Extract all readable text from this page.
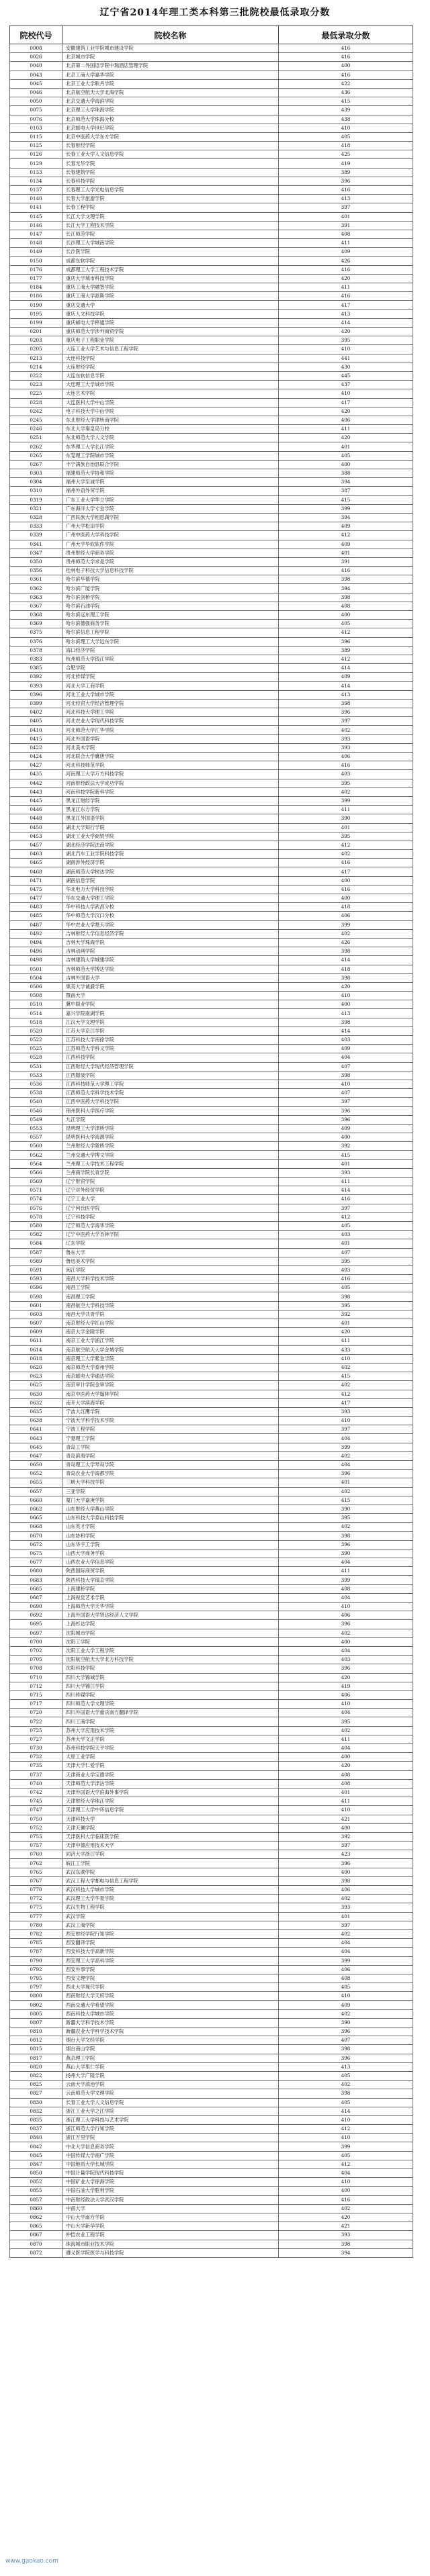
辽宁省2014年理工类本科第三批院校最低录取分数
院校代号	院校名称	最低录取分数
0008	安徽建筑工业学院城市建设学院	416
0026	北京城市学院	416
0040	北京第二外国语学院中瑞酒店管理学院	400
0043	北京工商大学嘉华学院	416
0045	北京工业大学耿丹学院	422
0046	北京航空航天大学北海学院	436
0050	北京交通大学海滨学院	415
0075	北京理工大学珠海学院	439
0076	北京师范大学珠海分校	438
0103	北京邮电大学世纪学院	410
0115	北京中医药大学东方学院	405
0125	长春财经学院	418
0126	长春工业大学人文信息学院	425
0129	长春光华学院	419
0133	长春建筑学院	389
0134	长春科技学院	396
0137	长春理工大学光电信息学院	416
0140	长春大学旅游学院	413
0141	长春工程学院	397
0145	长江大学文理学院	401
0146	长江大学工程技术学院	391
0147	长江师范学院	408
0148	长沙理工大学城南学院	411
0149	长沙医学院	409
0150	成都东软学院	426
0176	成都理工大学工程技术学院	416
0177	重庆大学城市科技学院	420
0184	重庆工商大学融智学院	411
0186	重庆工商大学派斯学院	416
0190	重庆交通大学	417
0195	重庆人文科技学院	413
0199	重庆邮电大学移通学院	414
0201	重庆师范大学涉外商贸学院	420
0203	重庆电子工程职业学院	395
0205	大连工业大学艺术与信息工程学院	410
0213	大连科技学院	441
0214	大连财经学院	430
0222	大连东软信息学院	445
0223	大连理工大学城市学院	437
0225	大连艺术学院	410
0228	大连医科大学中山学院	417
0242	电子科技大学中山学院	420
0245	东北财经大学津桥商学院	406
0246	东北大学秦皇岛分校	411
0251	东北师范大学人文学院	420
0262	东华理工大学长江学院	401
0265	东莞理工学院城市学院	405
0267	丰宁满族自治县联合学院	400
0303	福建师范大学协和学院	388
0304	福州大学至诚学院	394
0310	福州外语外贸学院	387
0319	广东工业大学华立学院	415
0321	广东海洋大学寸金学院	399
0328	广西民族大学相思湖学院	394
0333	广州大学松田学院	409
0339	广州中医药大学科技学院	412
0341	广州大学华软软件学院	409
0347	贵州财经大学商务学院	401
0350	贵州师范大学求是学院	391
0356	桂林电子科技大学信息科技学院	416
0361	哈尔滨华德学院	398
0362	哈尔滨广厦学院	394
0363	哈尔滨剑桥学院	398
0367	哈尔滨石油学院	408
0368	哈尔滨远东理工学院	400
0369	哈尔滨德强商务学院	405
0375	哈尔滨信息工程学院	412
0376	哈尔滨理工大学远东学院	396
0378	海口经济学院	389
0383	杭州师范大学钱江学院	412
0385	合肥学院	414
0392	河北传媒学院	409
0393	河北大学工商学院	414
0396	河北工业大学城市学院	413
0399	河北经贸大学经济管理学院	398
0402	河北科技大学理工学院	396
0405	河北农业大学现代科技学院	397
0410	河北师范大学汇华学院	402
0415	河北外国语学院	393
0422	河北美术学院	393
0424	河北联合大学冀唐学院	406
0427	河北科技师范学院	416
0435	河南理工大学万方科技学院	403
0442	河南财经政法大学成功学院	395
0443	河南科技学院新科学院	402
0445	黑龙江财经学院	399
0446	黑龙江东方学院	411
0448	黑龙江外国语学院	390
0450	湖北大学知行学院	401
0453	湖北工业大学商贸学院	395
0457	湖北经济学院法商学院	412
0463	湖北汽车工业学院科技学院	402
0465	湖南涉外经济学院	416
0468	湖南师范大学树达学院	417
0471	湖南信息学院	400
0475	华北电力大学科技学院	416
0477	华东交通大学理工学院	400
0483	华中科技大学武昌分校	418
0485	华中师范大学汉口分校	406
0487	华中农业大学楚天学院	399
0492	吉林财经大学信息经济学院	402
0494	吉林大学珠海学院	426
0496	吉林动画学院	398
0498	吉林建筑大学城建学院	414
0501	吉林师范大学博达学院	418
0504	吉林外国语大学	398
0506	集美大学诚毅学院	420
0508	暨南大学	410
0510	冀中职业学院	400
0514	嘉兴学院南湖学院	413
0518	江汉大学文理学院	398
0520	江苏大学京江学院	414
0522	江苏科技大学南徐学院	403
0525	江苏师范大学科文学院	409
0528	江西科技学院	404
0531	江西财经大学现代经济管理学院	407
0533	江西服装学院	398
0536	江西科技师范大学理工学院	410
0538	江西师范大学科学技术学院	407
0540	江西中医药大学科技学院	397
0546	锦州医科大学医疗学院	396
0549	九江学院	396
0553	昆明理工大学津桥学院	409
0557	昆明医科大学海源学院	400
0560	兰州财经大学陇桥学院	392
0562	兰州交通大学博文学院	415
0564	兰州理工大学技术工程学院	401
0566	兰州商学院长青学院	393
0569	辽宁财贸学院	411
0571	辽宁对外经贸学院	414
0574	辽宁工业大学	416
0576	辽宁何氏医学院	397
0578	辽宁科技学院	412
0580	辽宁师范大学海华学院	405
0582	辽宁中医药大学杏林学院	403
0584	辽东学院	401
0587	鲁东大学	407
0589	鲁迅美术学院	395
0591	闽江学院	403
0593	南昌大学科学技术学院	416
0596	南昌工学院	405
0598	南昌理工学院	398
0601	南昌航空大学科技学院	395
0603	南昌大学共青学院	392
0607	南京财经大学红山学院	401
0609	南京大学金陵学院	420
0611	南京工业大学浦江学院	411
0614	南京航空航天大学金城学院	433
0618	南京理工大学紫金学院	410
0620	南京师范大学泰州学院	402
0623	南京邮电大学通达学院	415
0625	南京审计学院金审学院	402
0630	南京中医药大学翰林学院	412
0632	南开大学滨海学院	417
0635	宁波大红鹰学院	393
0638	宁波大学科学技术学院	410
0641	宁波工程学院	397
0643	宁夏理工学院	404
0645	青岛工学院	399
0647	青岛滨海学院	402
0650	青岛理工大学琴岛学院	404
0652	青岛农业大学海都学院	396
0655	三峡大学科技学院	401
0657	三亚学院	402
0660	厦门大学嘉庚学院	415
0662	山东财经大学燕山学院	390
0665	山东科技大学泰山科技学院	395
0668	山东英才学院	402
0670	山东协和学院	398
0672	山东华宇工学院	396
0675	山西大学商务学院	390
0677	山西农业大学信息学院	404
0680	陕西国际商贸学院	411
0683	陕西科技大学镐京学院	399
0685	上海建桥学院	408
0687	上海视觉艺术学院	404
0690	上海师范大学天华学院	410
0692	上海外国语大学贤达经济人文学院	406
0695	上海杉达学院	396
0697	沈阳城市学院	402
0700	沈阳工学院	400
0702	沈阳工业大学工程学院	404
0705	沈阳航空航天大学北方科技学院	403
0708	沈阳科技学院	396
0710	四川大学锦城学院	420
0712	四川大学锦江学院	419
0715	四川传媒学院	406
0717	四川师范大学文理学院	410
0720	四川外国语大学重庆南方翻译学院	404
0722	四川工商学院	395
0725	苏州大学应用技术学院	402
0727	苏州大学文正学院	411
0730	苏州科技学院天平学院	404
0732	太原工业学院	400
0735	天津大学仁爱学院	420
0737	天津商业大学宝德学院	408
0740	天津师范大学津沽学院	408
0742	天津外国语大学滨海外事学院	401
0745	天津财经大学珠江学院	411
0747	天津理工大学中环信息学院	410
0750	天津科技大学	421
0752	天津天狮学院	400
0755	天津医科大学临床医学院	392
0757	天津中德应用技术大学	397
0760	同济大学浙江学院	423
0762	皖江工学院	396
0765	武汉东湖学院	400
0767	武汉工程大学邮电与信息工程学院	398
0770	武汉科技大学城市学院	406
0772	武汉理工大学华夏学院	402
0775	武汉生物工程学院	393
0777	武汉学院	401
0780	武汉工商学院	397
0782	西安财经学院行知学院	402
0785	西安翻译学院	404
0787	西安科技大学高新学院	404
0790	西安理工大学高科学院	399
0792	西安外事学院	406
0795	西安文理学院	408
0797	西北大学现代学院	405
0800	西南财经大学天府学院	410
0802	西南交通大学希望学院	409
0805	西南科技大学城市学院	402
0807	新疆大学科学技术学院	390
0810	新疆农业大学科学技术学院	396
0812	烟台大学文经学院	407
0815	烟台南山学院	398
0817	燕京理工学院	396
0820	燕山大学里仁学院	413
0822	扬州大学广陵学院	405
0825	云南大学滇池学院	402
0827	云南师范大学文理学院	398
0830	长春工业大学人文信息学院	405
0832	浙江工业大学之江学院	414
0835	浙江理工大学科技与艺术学院	410
0837	浙江师范大学行知学院	412
0840	浙江万里学院	410
0842	中北大学信息商务学院	399
0845	中国传媒大学南广学院	405
0847	中国地质大学长城学院	412
0850	中国计量学院现代科技学院	404
0852	中国矿业大学徐海学院	410
0855	中国石油大学胜利学院	400
0857	中南财经政法大学武汉学院	416
0860	中南大学	402
0862	中山大学南方学院	420
0865	中山大学新华学院	421
0867	仲恺农业工程学院	393
0870	珠海城市职业技术学院	398
0872	遵义医学院医学与科技学院	394
www.gaokao.com
